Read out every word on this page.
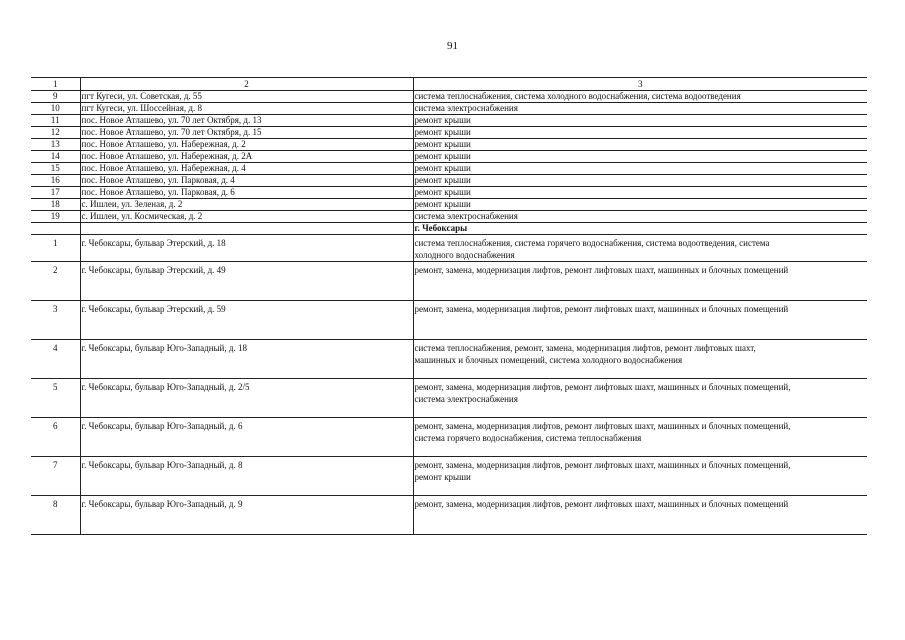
91
1	2	3
9	пгт Кугеси, ул. Советская, д. 55	система теплоснабжения, система холодного водоснабжения, система водоотведения
10	пгт Кугеси, ул. Шоссейная, д. 8	система электроснабжения
11	пос. Новое Атлашево, ул. 70 лет Октября, д. 13	ремонт крыши
12	пос. Новое Атлашево, ул. 70 лет Октября, д. 15	ремонт крыши
13	пос. Новое Атлашево, ул. Набережная, д. 2	ремонт крыши
14	пос. Новое Атлашево, ул. Набережная, д. 2А	ремонт крыши
15	пос. Новое Атлашево, ул. Набережная, д. 4	ремонт крыши
16	пос. Новое Атлашево, ул. Парковая, д. 4	ремонт крыши
17	пос. Новое Атлашево, ул. Парковая, д. 6	ремонт крыши
18	с. Ишлеи, ул. Зеленая, д. 2	ремонт крыши
19	с. Ишлеи, ул. Космическая, д. 2	система электроснабжения
		г. Чебоксары
1	г. Чебоксары, бульвар Этерский, д. 18	система теплоснабжения, система горячего водоснабжения, система водоотведения, система
холодного водоснабжения

2	г. Чебоксары, бульвар Этерский, д. 49	ремонт, замена, модернизация лифтов, ремонт лифтовых шахт, машинных и блочных помещений

3	г. Чебоксары, бульвар Этерский, д. 59	ремонт, замена, модернизация лифтов, ремонт лифтовых шахт, машинных и блочных помещений

4	г. Чебоксары, бульвар Юго-Западный, д. 18	система теплоснабжения, ремонт, замена, модернизация лифтов, ремонт лифтовых шахт,
машинных и блочных помещений, система холодного водоснабжения

5	г. Чебоксары, бульвар Юго-Западный, д. 2/5	ремонт, замена, модернизация лифтов, ремонт лифтовых шахт, машинных и блочных помещений,
система электроснабжения

6	г. Чебоксары, бульвар Юго-Западный, д. 6	ремонт, замена, модернизация лифтов, ремонт лифтовых шахт, машинных и блочных помещений,
система горячего водоснабжения, система теплоснабжения

7	г. Чебоксары, бульвар Юго-Западный, д. 8	ремонт, замена, модернизация лифтов, ремонт лифтовых шахт, машинных и блочных помещений,
ремонт крыши

8	г. Чебоксары, бульвар Юго-Западный, д. 9	ремонт, замена, модернизация лифтов, ремонт лифтовых шахт, машинных и блочных помещений
